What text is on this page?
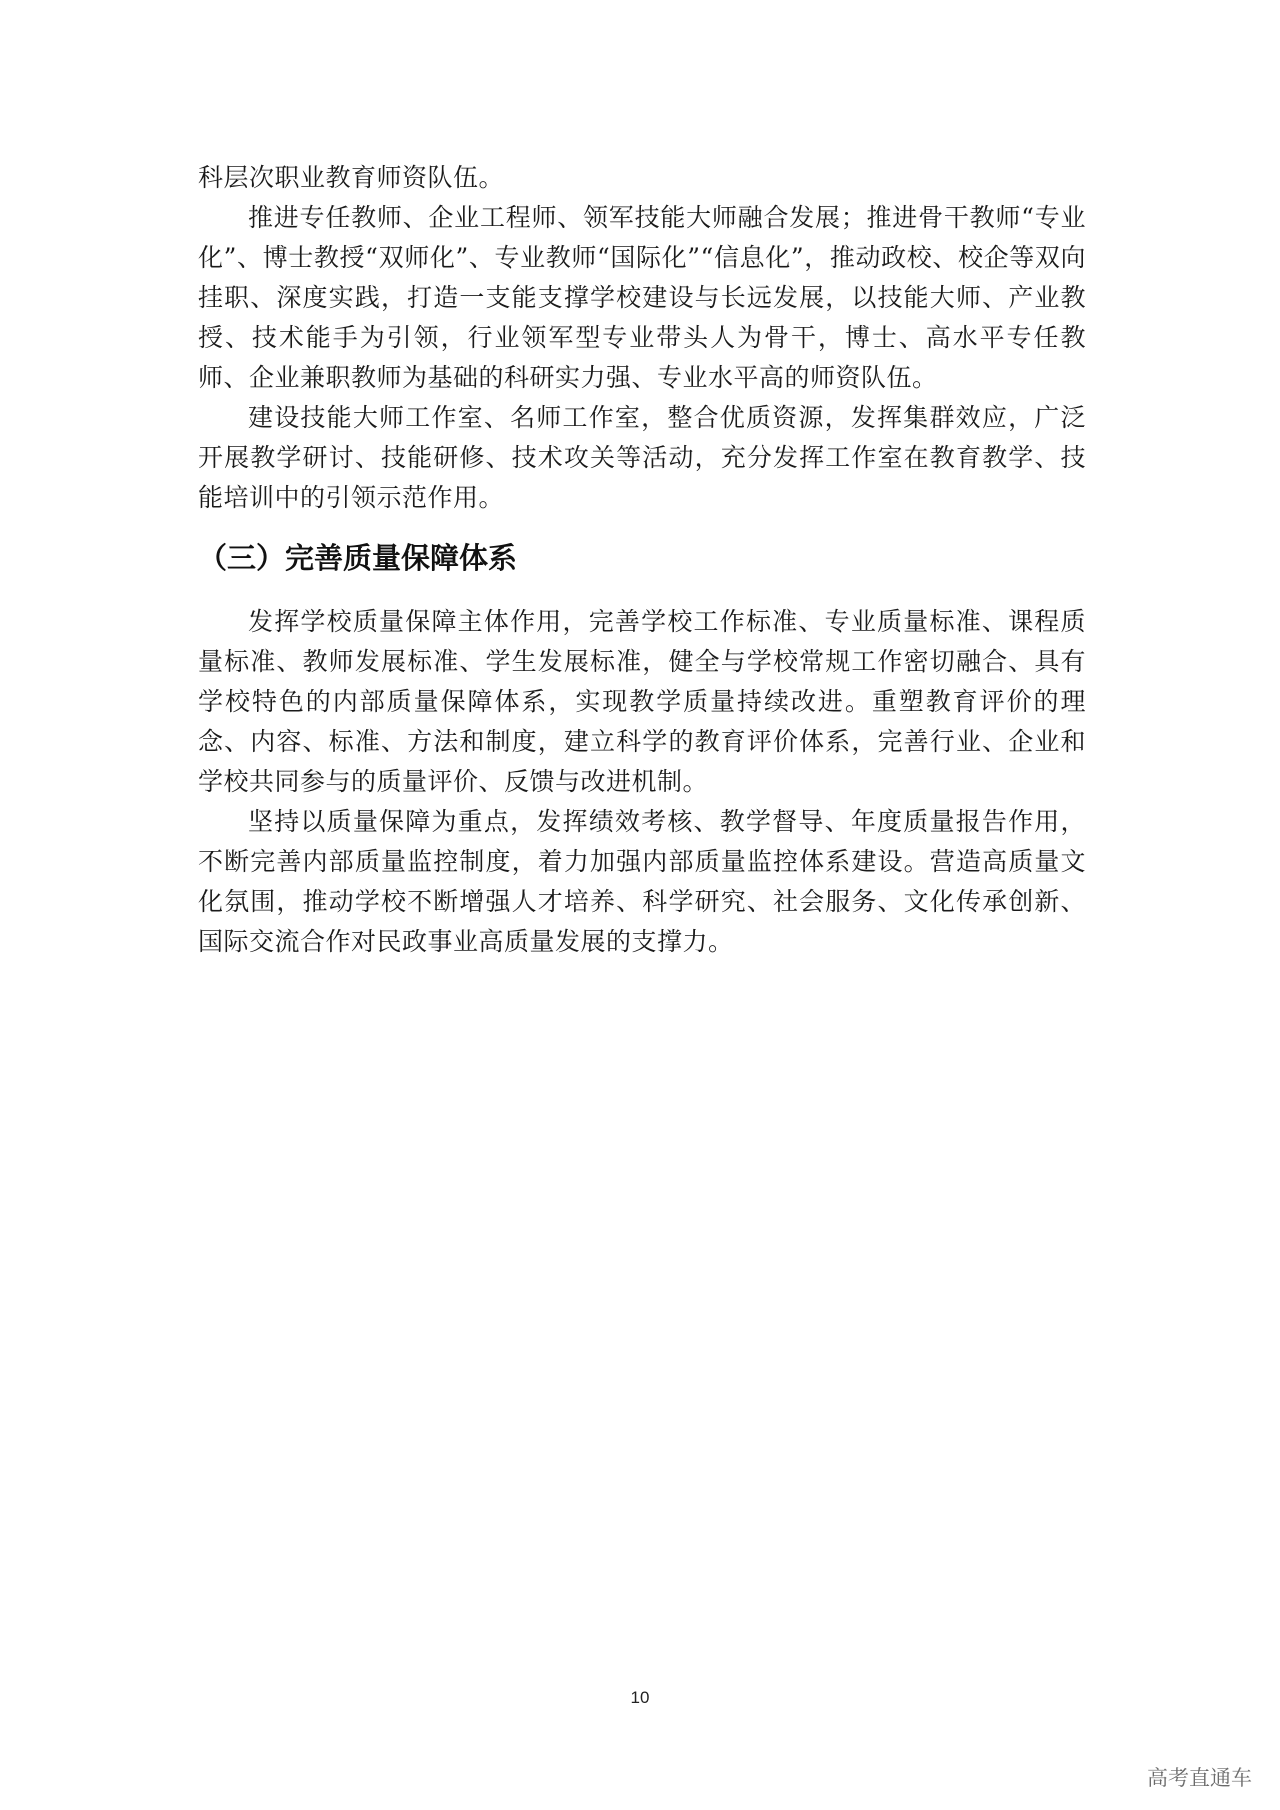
科层次职业教育师资队伍。

推进专任教师、企业工程师、领军技能大师融合发展；推进骨干教师“专业化”、博士教授“双师化”、专业教师“国际化”“信息化”，推动政校、校企等双向挂职、深度实践，打造一支能支撑学校建设与长远发展，以技能大师、产业教授、技术能手为引领，行业领军型专业带头人为骨干，博士、高水平专任教师、企业兼职教师为基础的科研实力强、专业水平高的师资队伍。

建设技能大师工作室、名师工作室，整合优质资源，发挥集群效应，广泛开展教学研讨、技能研修、技术攻关等活动，充分发挥工作室在教育教学、技能培训中的引领示范作用。

（三）完善质量保障体系

发挥学校质量保障主体作用，完善学校工作标准、专业质量标准、课程质量标准、教师发展标准、学生发展标准，健全与学校常规工作密切融合、具有学校特色的内部质量保障体系，实现教学质量持续改进。重塑教育评价的理念、内容、标准、方法和制度，建立科学的教育评价体系，完善行业、企业和学校共同参与的质量评价、反馈与改进机制。

坚持以质量保障为重点，发挥绩效考核、教学督导、年度质量报告作用，不断完善内部质量监控制度，着力加强内部质量监控体系建设。营造高质量文化氛围，推动学校不断增强人才培养、科学研究、社会服务、文化传承创新、国际交流合作对民政事业高质量发展的支撑力。

10
高考直通车
